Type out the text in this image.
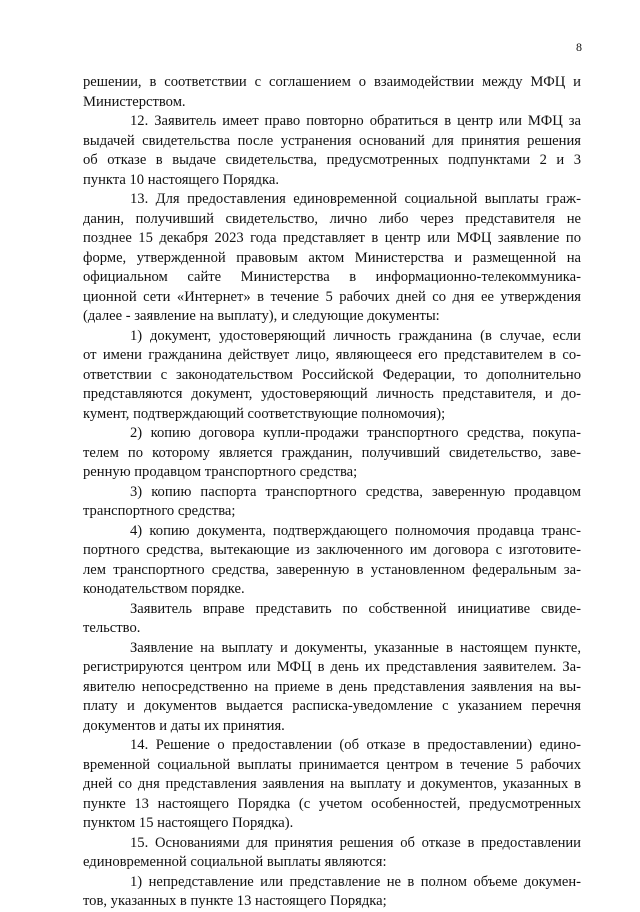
8
решении, в соответствии с соглашением о взаимодействии между МФЦ и
Министерством.
12. Заявитель имеет право повторно обратиться в центр или МФЦ за
выдачей свидетельства после устранения оснований для принятия решения
об отказе в выдаче свидетельства, предусмотренных подпунктами 2 и 3
пункта 10 настоящего Порядка.
13. Для предоставления единовременной социальной выплаты граж-
данин, получивший свидетельство, лично либо через представителя не
позднее 15 декабря 2023 года представляет в центр или МФЦ заявление по
форме, утвержденной правовым актом Министерства и размещенной на
официальном сайте Министерства в информационно-телекоммуника-
ционной сети «Интернет» в течение 5 рабочих дней со дня ее утверждения
(далее - заявление на выплату), и следующие документы:
1) документ, удостоверяющий личность гражданина (в случае, если
от имени гражданина действует лицо, являющееся его представителем в со-
ответствии с законодательством Российской Федерации, то дополнительно
представляются документ, удостоверяющий личность представителя, и до-
кумент, подтверждающий соответствующие полномочия);
2) копию договора купли-продажи транспортного средства, покупа-
телем по которому является гражданин, получивший свидетельство, заве-
ренную продавцом транспортного средства;
3) копию паспорта транспортного средства, заверенную продавцом
транспортного средства;
4) копию документа, подтверждающего полномочия продавца транс-
портного средства, вытекающие из заключенного им договора с изготовите-
лем транспортного средства, заверенную в установленном федеральным за-
конодательством порядке.
Заявитель вправе представить по собственной инициативе свиде-
тельство.
Заявление на выплату и документы, указанные в настоящем пункте,
регистрируются центром или МФЦ в день их представления заявителем. За-
явителю непосредственно на приеме в день представления заявления на вы-
плату и документов выдается расписка-уведомление с указанием перечня
документов и даты их принятия.
14. Решение о предоставлении (об отказе в предоставлении) едино-
временной социальной выплаты принимается центром в течение 5 рабочих
дней со дня представления заявления на выплату и документов, указанных в
пункте 13 настоящего Порядка (с учетом особенностей, предусмотренных
пунктом 15 настоящего Порядка).
15. Основаниями для принятия решения об отказе в предоставлении
единовременной социальной выплаты являются:
1) непредставление или представление не в полном объеме докумен-
тов, указанных в пункте 13 настоящего Порядка;
